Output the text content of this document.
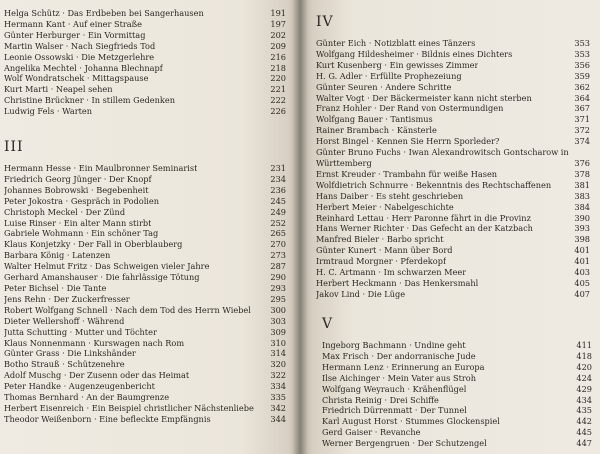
Helga Schütz · Das Erdbeben bei Sangerhausen	191
Hermann Kant · Auf einer Straße	197
Günter Herburger · Ein Vormittag	202
Martin Walser · Nach Siegfrieds Tod	209
Leonie Ossowski · Die Metzgerlehre	216
Angelika Mechtel · Johanna Blechnapf	218
Wolf Wondratschek · Mittagspause	220
Kurt Marti · Neapel sehen	221
Christine Brückner · In stillem Gedenken	222
Ludwig Fels · Warten	226
III
Hermann Hesse · Ein Maulbronner Seminarist	231
Friedrich Georg Jünger · Der Knopf	234
Johannes Bobrowski · Begebenheit	236
Peter Jokostra · Gespräch in Podolien	245
Christoph Meckel · Der Zünd	249
Luise Rinser · Ein alter Mann stirbt	252
Gabriele Wohmann · Ein schöner Tag	265
Klaus Konjetzky · Der Fall in Oberblauberg	270
Barbara König · Latenzen	273
Walter Helmut Fritz · Das Schweigen vieler Jahre	287
Gerhard Amanshauser · Die fahrlässige Tötung	290
Peter Bichsel · Die Tante	293
Jens Rehn · Der Zuckerfresser	295
Robert Wolfgang Schnell · Nach dem Tod des Herrn Wiebel	300
Dieter Wellershoff · Während	303
Jutta Schutting · Mutter und Töchter	309
Klaus Nonnenmann · Kurswagen nach Rom	310
Günter Grass · Die Linkshänder	314
Botho Strauß · Schützenehre	320
Adolf Muschg · Der Zusenn oder das Heimat	322
Peter Handke · Augenzeugenbericht	334
Thomas Bernhard · An der Baumgrenze	335
Herbert Eisenreich · Ein Beispiel christlicher Nächstenliebe	342
Theodor Weißenborn · Eine befleckte Empfängnis	344
IV
Günter Eich · Notizblatt eines Tänzers	353
Wolfgang Hildesheimer · Bildnis eines Dichters	353
Kurt Kusenberg · Ein gewisses Zimmer	356
H. G. Adler · Erfüllte Prophezeiung	359
Günter Seuren · Andere Schritte	362
Walter Vogt · Der Bäckermeister kann nicht sterben	364
Franz Hohler · Der Rand von Ostermundigen	367
Wolfgang Bauer · Tantismus	371
Rainer Brambach · Känsterle	372
Horst Bingel · Kennen Sie Herrn Sporleder?	374
Günter Bruno Fuchs · Iwan Alexandrowitsch Gontscharow in
Württemberg	376
Ernst Kreuder · Trambahn für weiße Hasen	378
Wolfdietrich Schnurre · Bekenntnis des Rechtschaffenen	381
Hans Daiber · Es steht geschrieben	383
Herbert Meier · Nabelgeschichte	384
Reinhard Lettau · Herr Paronne fährt in die Provinz	390
Hans Werner Richter · Das Gefecht an der Katzbach	393
Manfred Bieler · Barbo spricht	398
Günter Kunert · Mann über Bord	401
Irmtraud Morgner · Pferdekopf	401
H. C. Artmann · Im schwarzen Meer	403
Herbert Heckmann · Das Henkersmahl	405
Jakov Lind · Die Lüge	407
V
Ingeborg Bachmann · Undine geht	411
Max Frisch · Der andorranische Jude	418
Hermann Lenz · Erinnerung an Europa	420
Ilse Aichinger · Mein Vater aus Stroh	424
Wolfgang Weyrauch · Krähenflügel	429
Christa Reinig · Drei Schiffe	434
Friedrich Dürrenmatt · Der Tunnel	435
Karl August Horst · Stummes Glockenspiel	442
Gerd Gaiser · Revanche	445
Werner Bergengruen · Der Schutzengel	447
